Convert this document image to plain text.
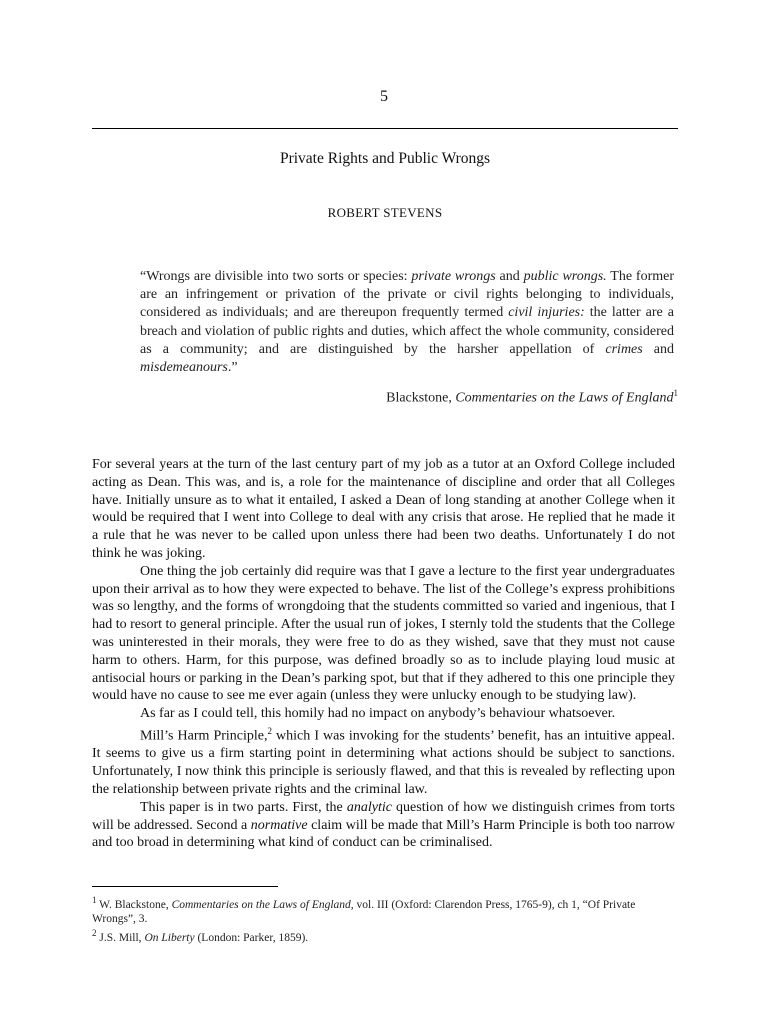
5
Private Rights and Public Wrongs
ROBERT STEVENS

“Wrongs are divisible into two sorts or species: private wrongs and public wrongs. The former are an infringement or privation of the private or civil rights belonging to individuals, considered as individuals; and are thereupon frequently termed civil injuries: the latter are a breach and violation of public rights and duties, which affect the whole community, considered as a community; and are distinguished by the harsher appellation of crimes and misdemeanours.”

Blackstone, Commentaries on the Laws of England$^1$

For several years at the turn of the last century part of my job as a tutor at an Oxford College included acting as Dean. This was, and is, a role for the maintenance of discipline and order that all Colleges have. Initially unsure as to what it entailed, I asked a Dean of long standing at another College when it would be required that I went into College to deal with any crisis that arose. He replied that he made it a rule that he was never to be called upon unless there had been two deaths. Unfortunately I do not think he was joking.

One thing the job certainly did require was that I gave a lecture to the first year undergraduates upon their arrival as to how they were expected to behave. The list of the College’s express prohibitions was so lengthy, and the forms of wrongdoing that the students committed so varied and ingenious, that I had to resort to general principle. After the usual run of jokes, I sternly told the students that the College was uninterested in their morals, they were free to do as they wished, save that they must not cause harm to others. Harm, for this purpose, was defined broadly so as to include playing loud music at antisocial hours or parking in the Dean’s parking spot, but that if they adhered to this one principle they would have no cause to see me ever again (unless they were unlucky enough to be studying law).

As far as I could tell, this homily had no impact on anybody’s behaviour whatsoever.

Mill’s Harm Principle,$^2$ which I was invoking for the students’ benefit, has an intuitive appeal. It seems to give us a firm starting point in determining what actions should be subject to sanctions. Unfortunately, I now think this principle is seriously flawed, and that this is revealed by reflecting upon the relationship between private rights and the criminal law.

This paper is in two parts. First, the analytic question of how we distinguish crimes from torts will be addressed. Second a normative claim will be made that Mill’s Harm Principle is both too narrow and too broad in determining what kind of conduct can be criminalised.

$^1$ W. Blackstone, Commentaries on the Laws of England, vol. III (Oxford: Clarendon Press, 1765-9), ch 1, “Of Private Wrongs”, 3.

$^2$ J.S. Mill, On Liberty (London: Parker, 1859).
